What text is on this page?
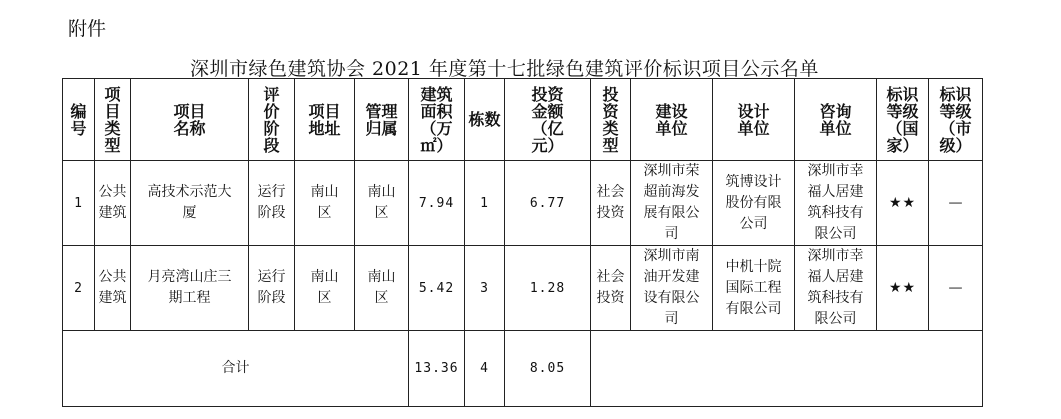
附件
深圳市绿色建筑协会 2021 年度第十七批绿色建筑评价标识项目公示名单
编
号	项
目
类
型	项目
名称	评
价
阶
段	项目
地址	管理
归属	建筑
面积
（万
㎡）	栋数	投资
金额
（亿
元）	投
资
类
型	建设
单位	设计
单位	咨询
单位	标识
等级
（国
家）	标识
等级
（市
级）
1	公共
建筑	高技术示范大
厦	运行
阶段	南山
区	南山
区	7.94	1	6.77	社会
投资	深圳市荣
超前海发
展有限公
司	筑博设计
股份有限
公司	深圳市幸
福人居建
筑科技有
限公司	★★	—
2	公共
建筑	月亮湾山庄三
期工程	运行
阶段	南山
区	南山
区	5.42	3	1.28	社会
投资	深圳市南
油开发建
设有限公
司	中机十院
国际工程
有限公司	深圳市幸
福人居建
筑科技有
限公司	★★	—
合计						13.36	4	8.05						
